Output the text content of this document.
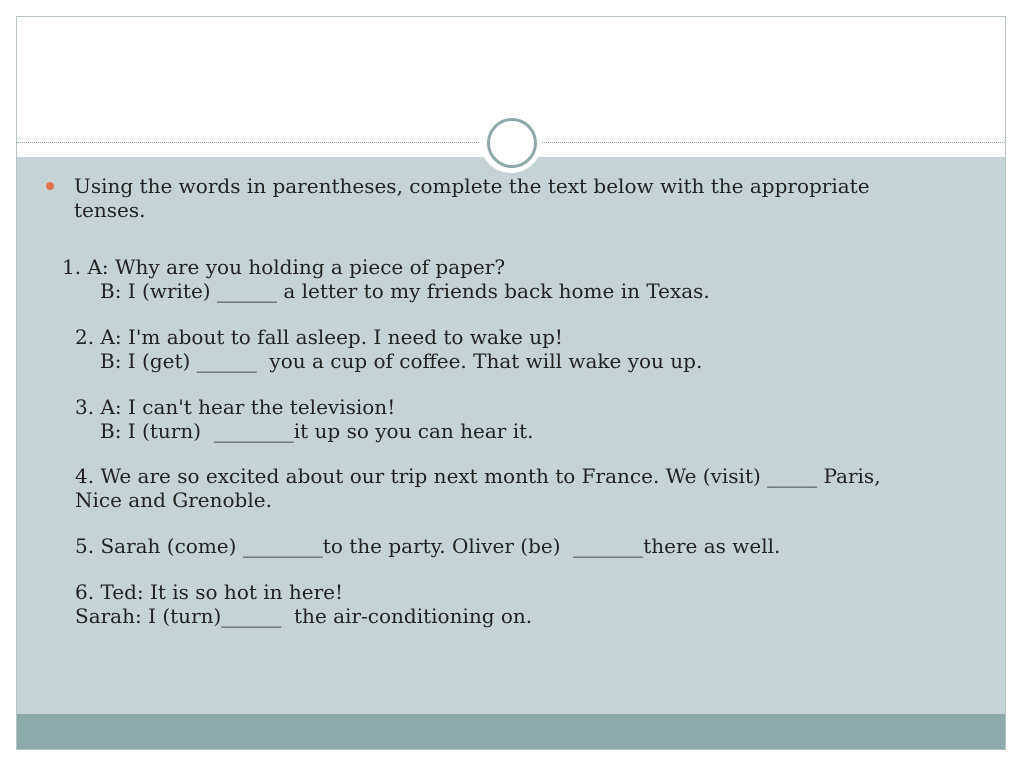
Using the words in parentheses, complete the text below with the appropriate tenses.
1. A: Why are you holding a piece of paper?
B: I (write) ______ a letter to my friends back home in Texas.
2. A: I'm about to fall asleep. I need to wake up!
B: I (get) ______  you a cup of coffee. That will wake you up.
3. A: I can't hear the television!
B: I (turn)  ________it up so you can hear it.
4. We are so excited about our trip next month to France. We (visit) _____ Paris,
Nice and Grenoble.
5. Sarah (come) ________to the party. Oliver (be)  _______there as well.
6. Ted: It is so hot in here!
Sarah: I (turn)______  the air-conditioning on.
